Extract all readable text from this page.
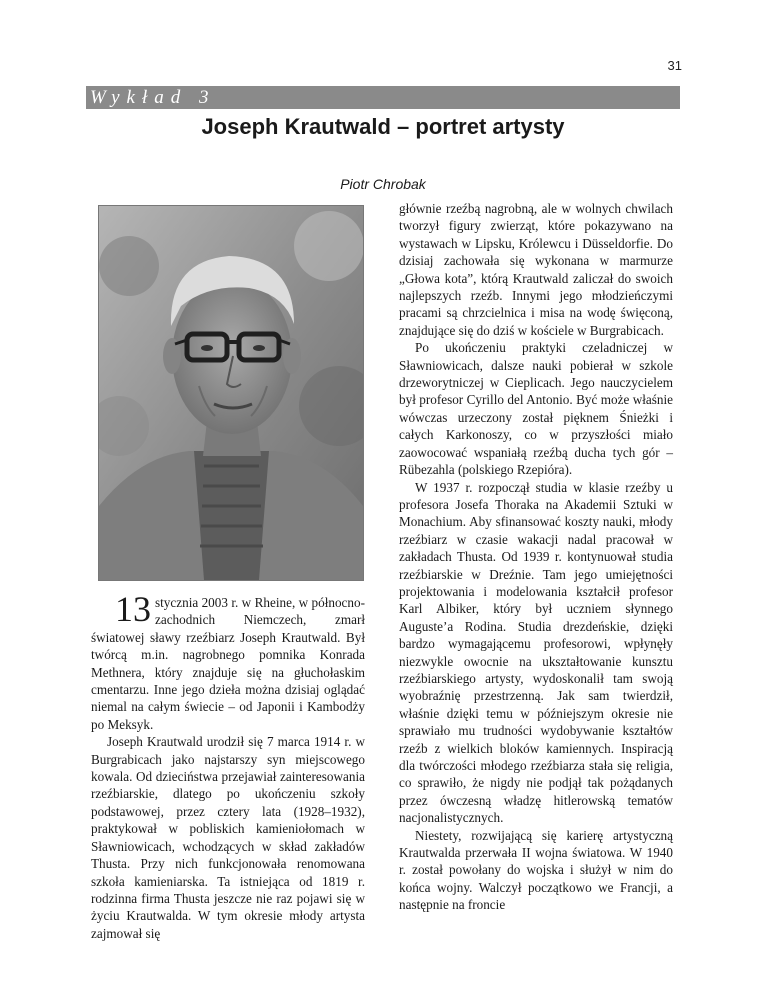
31
Wykład 3
Joseph Krautwald – portret artysty
Piotr Chrobak

13 stycznia 2003 r. w Rheine, w północno-zachodnich Niemczech, zmarł światowej sławy rzeźbiarz Joseph Krautwald. Był twórcą m.in. nagrobnego pomnika Konrada Methnera, który znajduje się na głuchołaskim cmentarzu. Inne jego dzieła można dzisiaj oglądać niemal na całym świecie – od Japonii i Kambodży po Meksyk.

Joseph Krautwald urodził się 7 marca 1914 r. w Burgrabicach jako najstarszy syn miejscowego kowala. Od dzieciństwa przejawiał zainteresowania rzeźbiarskie, dlatego po ukończeniu szkoły podstawowej, przez cztery lata (1928–1932), praktykował w pobliskich kamieniołomach w Sławniowicach, wchodzących w skład zakładów Thusta. Przy nich funkcjonowała renomowana szkoła kamieniarska. Ta istniejąca od 1819 r. rodzinna firma Thusta jeszcze nie raz pojawi się w życiu Krautwalda. W tym okresie młody artysta zajmował się

głównie rzeźbą nagrobną, ale w wolnych chwilach tworzył figury zwierząt, które pokazywano na wystawach w Lipsku, Królewcu i Düsseldorfie. Do dzisiaj zachowała się wykonana w marmurze „Głowa kota”, którą Krautwald zaliczał do swoich najlepszych rzeźb. Innymi jego młodzieńczymi pracami są chrzcielnica i misa na wodę święconą, znajdujące się do dziś w kościele w Burgrabicach.

Po ukończeniu praktyki czeladniczej w Sławniowicach, dalsze nauki pobierał w szkole drzeworytniczej w Cieplicach. Jego nauczycielem był profesor Cyrillo del Antonio. Być może właśnie wówczas urzeczony został pięknem Śnieżki i całych Karkonoszy, co w przyszłości miało zaowocować wspaniałą rzeźbą ducha tych gór – Rübezahla (polskiego Rzepióra).

W 1937 r. rozpoczął studia w klasie rzeźby u profesora Josefa Thoraka na Akademii Sztuki w Monachium. Aby sfinansować koszty nauki, młody rzeźbiarz w czasie wakacji nadal pracował w zakładach Thusta. Od 1939 r. kontynuował studia rzeźbiarskie w Dreźnie. Tam jego umiejętności projektowania i modelowania kształcił profesor Karl Albiker, który był uczniem słynnego Auguste’a Rodina. Studia drezdeńskie, dzięki bardzo wymagającemu profesorowi, wpłynęły niezwykle owocnie na ukształtowanie kunsztu rzeźbiarskiego artysty, wydoskonalił tam swoją wyobraźnię przestrzenną. Jak sam twierdził, właśnie dzięki temu w późniejszym okresie nie sprawiało mu trudności wydobywanie kształtów rzeźb z wielkich bloków kamiennych. Inspiracją dla twórczości młodego rzeźbiarza stała się religia, co sprawiło, że nigdy nie podjął tak pożądanych przez ówczesną władzę hitlerowską tematów nacjonalistycznych.

Niestety, rozwijającą się karierę artystyczną Krautwalda przerwała II wojna światowa. W 1940 r. został powołany do wojska i służył w nim do końca wojny. Walczył początkowo we Francji, a następnie na froncie
